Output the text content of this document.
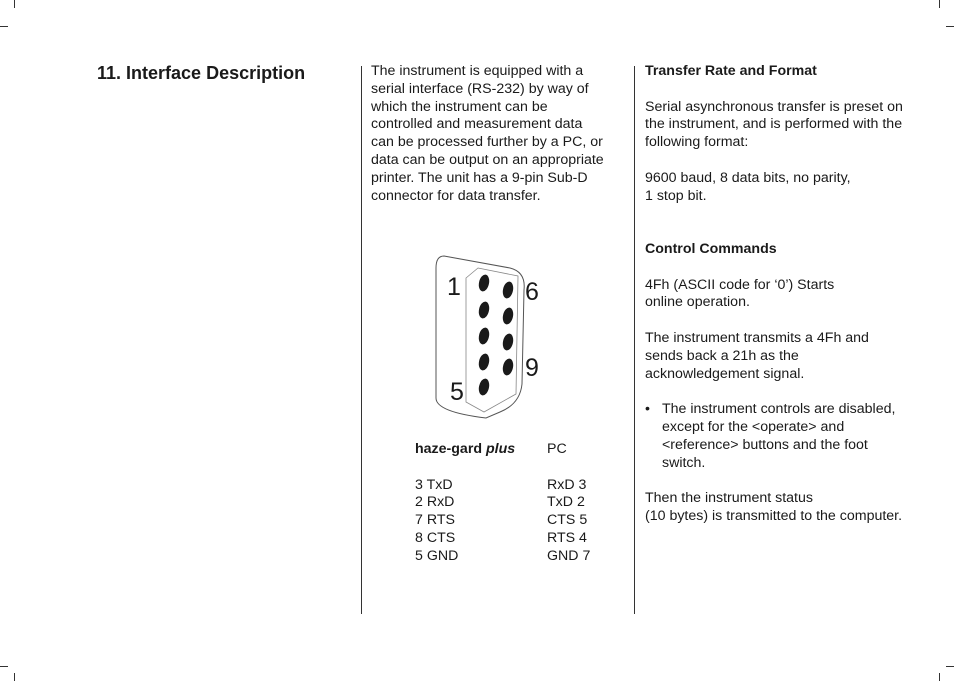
11. Interface Description	The instrument is equipped with a serial interface (RS-232) by way of which the instrument can be controlled and measurement data can be processed further by a PC, or data can be output on an appropriate printer. The unit has a 9-pin Sub-D connector for data transfer.

1	6
9
5
haze-gard plus	PC
3 TxD	RxD 3
2 RxD	TxD 2
7 RTS	CTS 5
8 CTS	RTS 4
5 GND	GND 7

Transfer Rate and Format

Serial asynchronous transfer is preset on the instrument, and is performed with the following format:

9600 baud, 8 data bits, no parity,

1 stop bit.

Control Commands

4Fh (ASCII code for ‘0’) Starts

online operation.

The instrument transmits a 4Fh and sends back a 21h as the acknowledgement signal.

• The instrument controls are disabled, except for the <operate> and <reference> buttons and the foot switch.

Then the instrument status

(10 bytes) is transmitted to the computer.
